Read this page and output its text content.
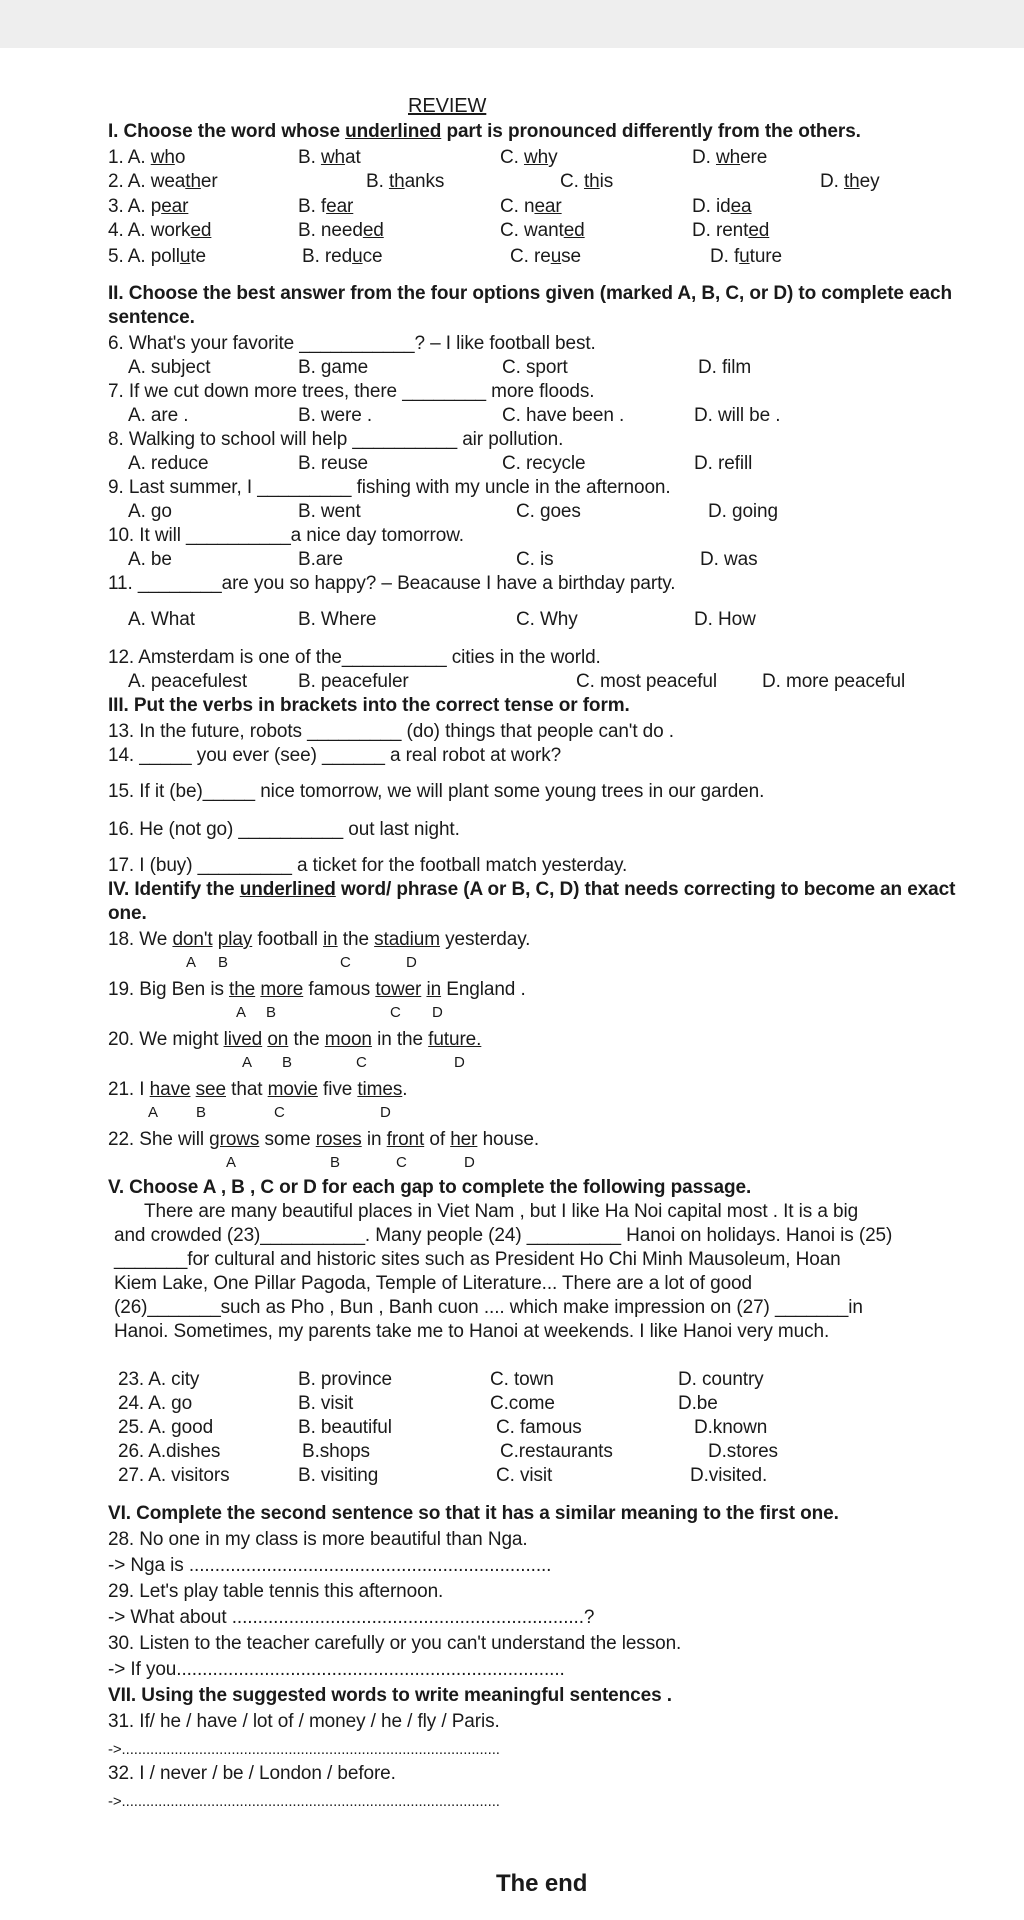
REVIEW
I. Choose the word whose underlined part is pronounced differently from the others.
1. A. who	B. what	C. why	D. where
2. A. weather	B. thanks	C. this	D. they
3. A. pear	B. fear	C. near	D. idea
4. A. worked	B. needed	C. wanted	D. rented
5. A. pollute	B. reduce	C. reuse	D. future
II. Choose the best answer from the four options given (marked A, B, C, or D) to complete each
sentence.
6. What's your favorite ___________? – I like football best.
A. subject	B. game	C. sport	D. film
7. If we cut down more trees, there ________ more floods.
A. are .	B. were .	C. have been .	D. will be .
8. Walking to school will help __________ air pollution.
A. reduce	B. reuse	C. recycle	D. refill
9. Last summer, I _________ fishing with my uncle in the afternoon.
A. go	B. went	C. goes	D. going
10. It will __________a nice day tomorrow.
A. be	B.are	C. is	D. was
11. ________are you so happy? – Beacause I have a birthday party.
A. What	B. Where	C. Why	D. How
12. Amsterdam is one of the__________ cities in the world.
A. peacefulest	B. peacefuler	C. most peaceful D. more peaceful
III. Put the verbs in brackets into the correct tense or form.
13. In the future, robots _________ (do) things that people can't do .
14. _____ you ever (see) ______ a real robot at work?
15. If it (be)_____ nice tomorrow, we will plant some young trees in our garden.
16. He (not go) __________ out last night.
17. I (buy) _________ a ticket for the football match yesterday.
IV. Identify the underlined word/ phrase (A or B, C, D) that needs correcting to become an exact
one.
18. We don't play football in the stadium yesterday.
A B	C	D
19. Big Ben is the more famous tower in England .
A B	C D
20. We might lived on the moon in the future.
A B	C	D
21. I have see that movie five times.
A	B	C	D
22. She will grows some roses in front of her house.
A	B	C	D
V. Choose A , B , C or D for each gap to complete the following passage.
There are many beautiful places in Viet Nam , but I like Ha Noi capital most . It is a big
and crowded (23)__________. Many people (24) _________ Hanoi on holidays. Hanoi is (25)
_______for cultural and historic sites such as President Ho Chi Minh Mausoleum, Hoan
Kiem Lake, One Pillar Pagoda, Temple of Literature... There are a lot of good
(26)_______such as Pho , Bun , Banh cuon .... which make impression on (27) _______in
Hanoi. Sometimes, my parents take me to Hanoi at weekends. I like Hanoi very much.
23. A. city	B. province	C. town	D. country
24. A. go	B. visit	C.come	D.be
25. A. good	B. beautiful	C. famous	D.known
26. A.dishes	B.shops	C.restaurants	D.stores
27. A. visitors	B. visiting	C. visit	D.visited.
VI. Complete the second sentence so that it has a similar meaning to the first one.
28. No one in my class is more beautiful than Nga.
-> Nga is ......................................................................
29. Let's play table tennis this afternoon.
-> What about ....................................................................?
30. Listen to the teacher carefully or you can't understand the lesson.
-> If you...........................................................................
VII. Using the suggested words to write meaningful sentences .
31. If/ he / have / lot of / money / he / fly / Paris.
->.............................................................................................
32. I / never / be / London / before.
->.............................................................................................
The end
